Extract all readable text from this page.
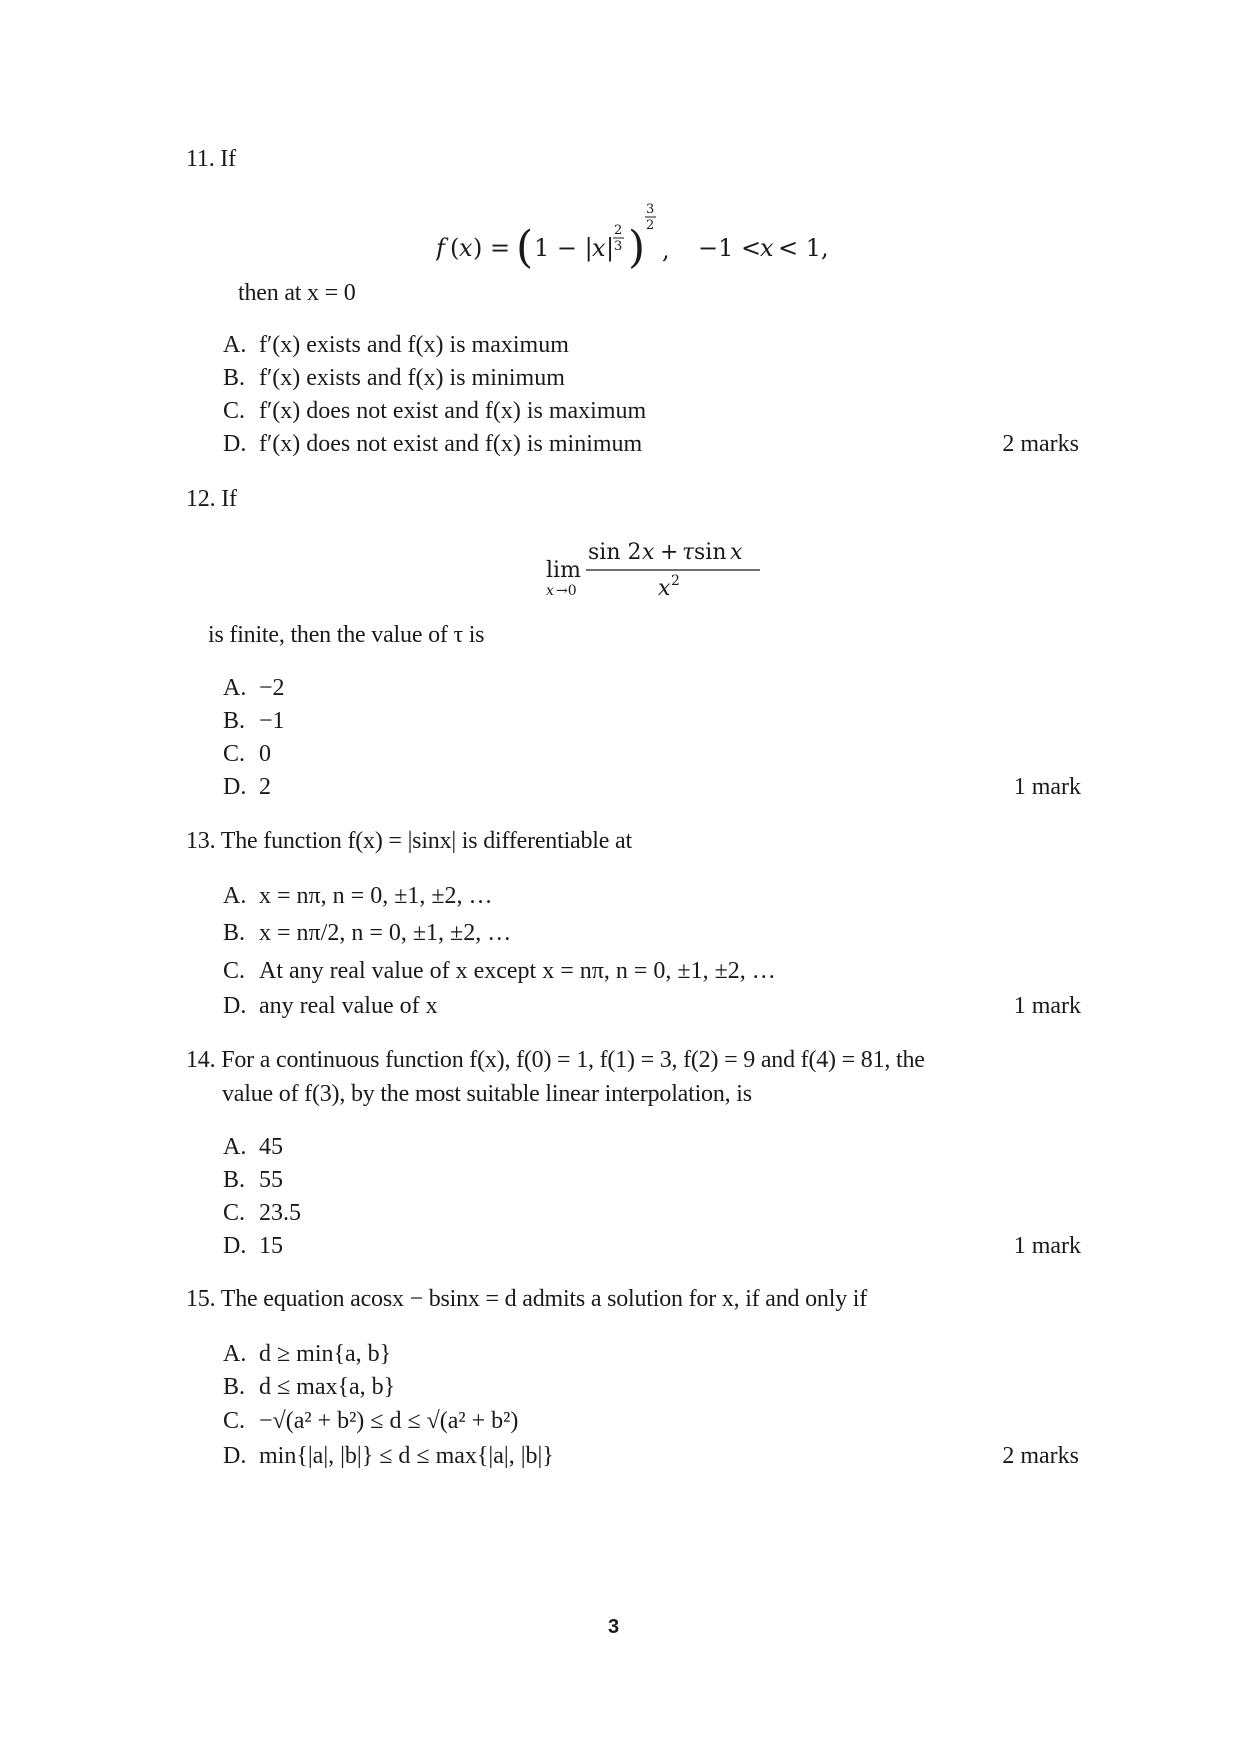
11. If
f ( x ) = ( 1 − | x |
2
3 )
3
2
, −1 <
x < 1,
then at x = 0
A. f′(x) exists and f(x) is maximum
B. f′(x) exists and f(x) is minimum
C. f′(x) does not exist and f(x) is maximum
D. f′(x) does not exist and f(x) is minimum	2 marks
12. If
lim
x →0
sin 2 x + τ sin x
x 2
is finite, then the value of τ is
A. −2
B. −1
C. 0
D. 2	1 mark
13. The function f(x) = |sinx| is differentiable at
A. x = nπ, n = 0, ±1, ±2, …
B. x = nπ/2, n = 0, ±1, ±2, …
C. At any real value of x except x = nπ, n = 0, ±1, ±2, …
D. any real value of x	1 mark
14. For a continuous function f(x), f(0) = 1, f(1) = 3, f(2) = 9 and f(4) = 81, the
value of f(3), by the most suitable linear interpolation, is
A. 45
B. 55
C. 23.5
D. 15	1 mark
15. The equation acosx − bsinx = d admits a solution for x, if and only if
A. d ≥ min{a, b}
B. d ≤ max{a, b}
C. −√(a² + b²) ≤ d ≤ √(a² + b²)
D. min{|a|, |b|} ≤ d ≤ max{|a|, |b|}	2 marks
3
